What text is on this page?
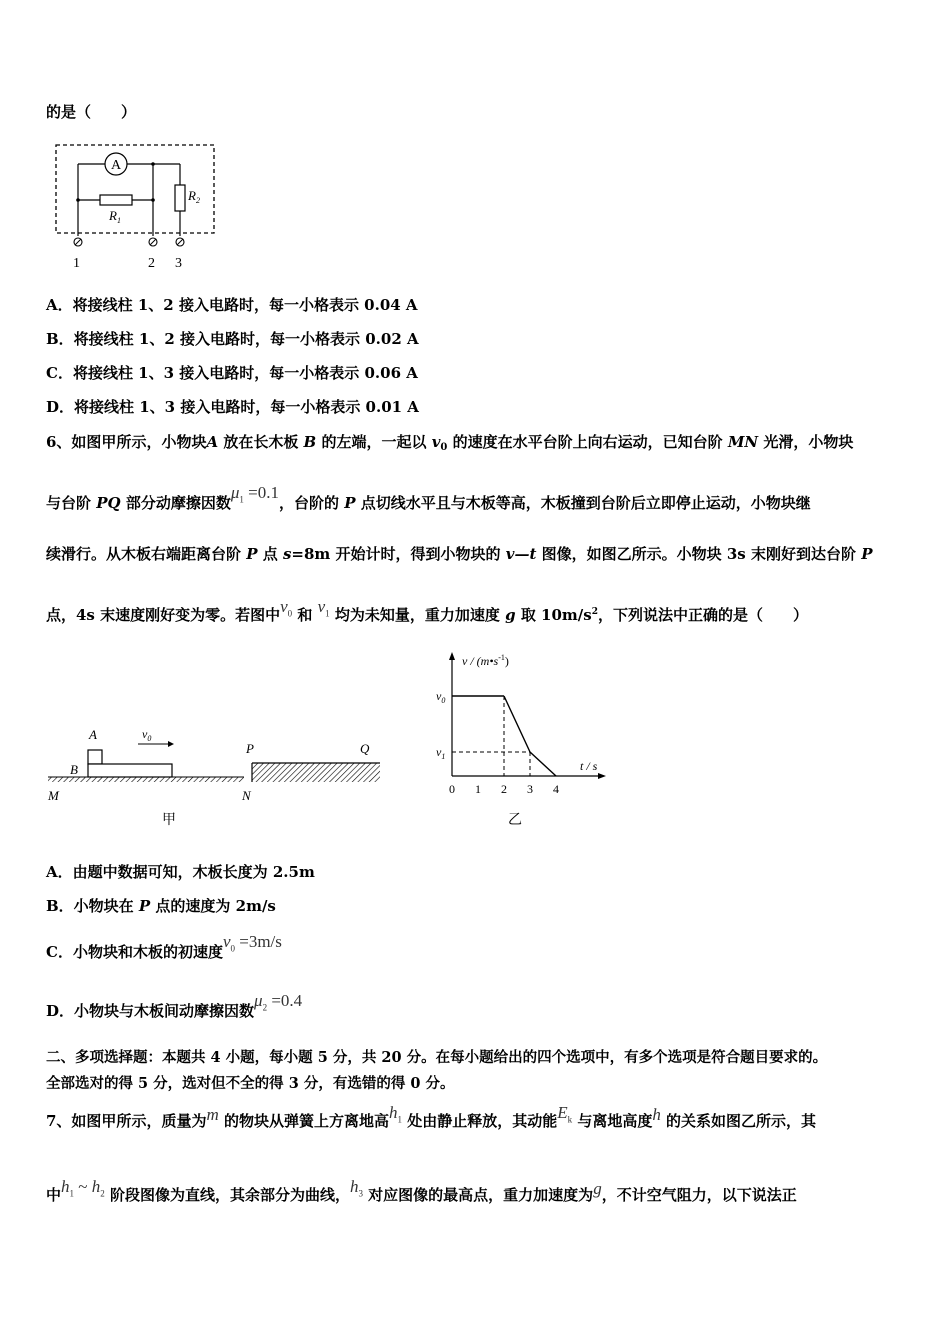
的是（　　）
A
$R_2$
$R_1$
1	2 3
A．将接线柱 1、2 接入电路时，每一小格表示 0.04 A
B．将接线柱 1、2 接入电路时，每一小格表示 0.02 A
C．将接线柱 1、3 接入电路时，每一小格表示 0.06 A
D．将接线柱 1、3 接入电路时，每一小格表示 0.01 A
6、如图甲所示，小物块A 放在长木板 B 的左端，一起以 $v_0$ 的速度在水平台阶上向右运动，已知台阶 MN 光滑，小物块
与台阶 PQ 部分动摩擦因数$\mu_1 =0.1$，台阶的 P 点切线水平且与木板等高，木板撞到台阶后立即停止运动，小物块继
续滑行。从木板右端距离台阶 P 点 s=8m 开始计时，得到小物块的 v—t 图像，如图乙所示。小物块 3s 末刚好到达台阶 P
点，4s 末速度刚好变为零。若图中$v_0$ 和 $v_1$ 均为未知量，重力加速度 g 取 $10m/s^2$，下列说法中正确的是（　　）
A
B
$v_0$
P	Q
M	N
甲
v / $(m•s^{-1})$
t / s
$v_0$
$v_1$
0 1 2 3 4
乙
A．由题中数据可知，木板长度为 2.5m
B．小物块在 P 点的速度为 2m/s
C．小物块和木板的初速度$v_0 =3m/s$
D．小物块与木板间动摩擦因数$\mu_2 =0.4$
二、多项选择题：本题共 4 小题，每小题 5 分，共 20 分。在每小题给出的四个选项中，有多个选项是符合题目要求的。
全部选对的得 5 分，选对但不全的得 3 分，有选错的得 0 分。
7、如图甲所示，质量为m 的物块从弹簧上方离地高$h_1$ 处由静止释放，其动能$E_k$ 与离地高度h 的关系如图乙所示，其
中$h_1$ ~ $h_2$ 阶段图像为直线，其余部分为曲线，$h_3$ 对应图像的最高点，重力加速度为g，不计空气阻力，以下说法正
